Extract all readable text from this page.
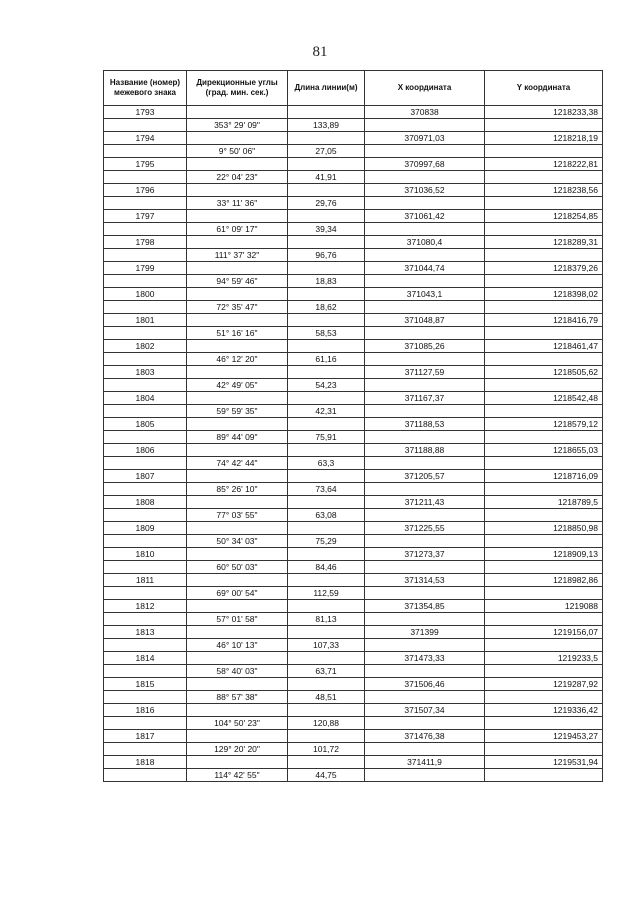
81
Название (номер) межевого знака	Дирекционные углы (град. мин. сек.)	Длина линии(м)	X координата	Y координата
1793			370838	1218233,38
	353° 29' 09"	133,89		
1794			370971,03	1218218,19
	9° 50' 06"	27,05		
1795			370997,68	1218222,81
	22° 04' 23"	41,91		
1796			371036,52	1218238,56
	33° 11' 36"	29,76		
1797			371061,42	1218254,85
	61° 09' 17"	39,34		
1798			371080,4	1218289,31
	111° 37' 32"	96,76		
1799			371044,74	1218379,26
	94° 59' 46"	18,83		
1800			371043,1	1218398,02
	72° 35' 47"	18,62		
1801			371048,87	1218416,79
	51° 16' 16"	58,53		
1802			371085,26	1218461,47
	46° 12' 20"	61,16		
1803			371127,59	1218505,62
	42° 49' 05"	54,23		
1804			371167,37	1218542,48
	59° 59' 35"	42,31		
1805			371188,53	1218579,12
	89° 44' 09"	75,91		
1806			371188,88	1218655,03
	74° 42' 44"	63,3		
1807			371205,57	1218716,09
	85° 26' 10"	73,64		
1808			371211,43	1218789,5
	77° 03' 55"	63,08		
1809			371225,55	1218850,98
	50° 34' 03"	75,29		
1810			371273,37	1218909,13
	60° 50' 03"	84,46		
1811			371314,53	1218982,86
	69° 00' 54"	112,59		
1812			371354,85	1219088
	57° 01' 58"	81,13		
1813			371399	1219156,07
	46° 10' 13"	107,33		
1814			371473,33	1219233,5
	58° 40' 03"	63,71		
1815			371506,46	1219287,92
	88° 57' 38"	48,51		
1816			371507,34	1219336,42
	104° 50' 23"	120,88		
1817			371476,38	1219453,27
	129° 20' 20"	101,72		
1818			371411,9	1219531,94
	114° 42' 55"	44,75		
